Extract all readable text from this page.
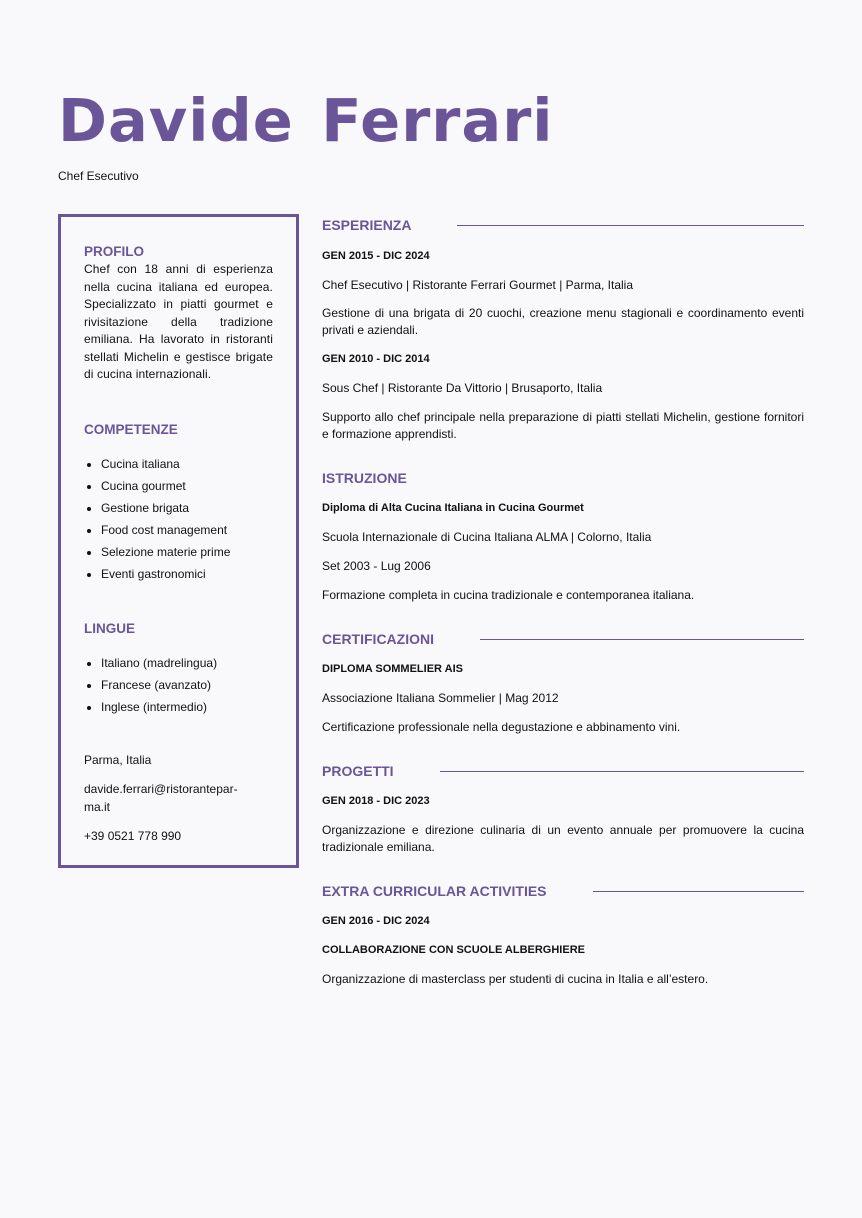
Davide Ferrari
Chef Esecutivo

PROFILO

Chef con 18 anni di esperienza nella cucina italiana ed europea. Specializzato in piatti gourmet e rivisitazione della tradizione emiliana. Ha lavorato in ristoranti stellati Michelin e gestisce brigate di cucina internazionali.

COMPETENZE

Cucina italiana
Cucina gourmet
Gestione brigata
Food cost management
Selezione materie prime
Eventi gastronomici

LINGUE

Italiano (madrelingua)
Francese (avanzato)
Inglese (intermedio)

Parma, Italia

davide.ferrari@ristorantepar-

ma.it

+39 0521 778 990

ESPERIENZA
GEN 2015 - DIC 2024
Chef Esecutivo | Ristorante Ferrari Gourmet | Parma, Italia
Gestione di una brigata di 20 cuochi, creazione menu stagionali e coordinamento eventi privati e aziendali.
GEN 2010 - DIC 2014
Sous Chef | Ristorante Da Vittorio | Brusaporto, Italia
Supporto allo chef principale nella preparazione di piatti stellati Michelin, gestione fornitori e formazione apprendisti.
ISTRUZIONE
Diploma di Alta Cucina Italiana in Cucina Gourmet
Scuola Internazionale di Cucina Italiana ALMA | Colorno, Italia
Set 2003 - Lug 2006
Formazione completa in cucina tradizionale e contemporanea italiana.
CERTIFICAZIONI
DIPLOMA SOMMELIER AIS
Associazione Italiana Sommelier | Mag 2012
Certificazione professionale nella degustazione e abbinamento vini.
PROGETTI
GEN 2018 - DIC 2023
Organizzazione e direzione culinaria di un evento annuale per promuovere la cucina tradizionale emiliana.
EXTRA CURRICULAR ACTIVITIES
GEN 2016 - DIC 2024
COLLABORAZIONE CON SCUOLE ALBERGHIERE
Organizzazione di masterclass per studenti di cucina in Italia e all’estero.
